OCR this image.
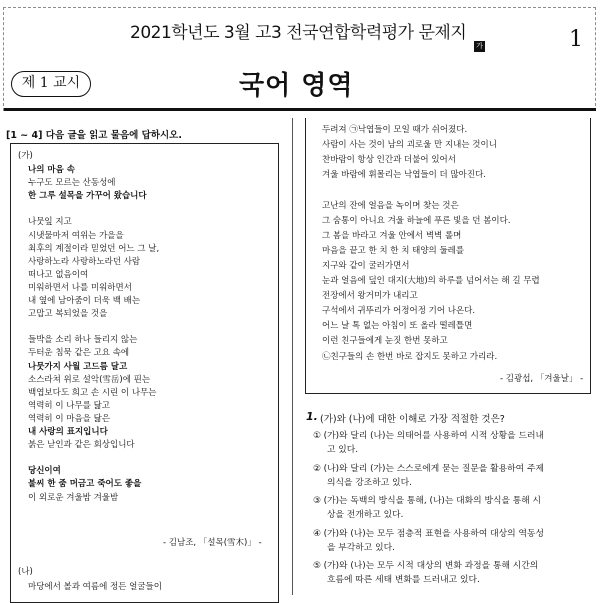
2021학년도 3월 고3 전국연합학력평가 문제지
가	1
제 1 교시	국어 영역
[1 ~ 4] 다음 글을 읽고 물음에 답하시오.
(가)
나의 마음 속
누구도 모르는 산동성에
한 그루 설목을 가꾸어 왔습니다
나뭇잎 지고
시냇물마저 여위는 가을을
최후의 계절이라 믿었던 어느 그 날,
사랑하노라 사랑하노라던 사람
떠나고 없음이여
미워하면서 나를 미워하면서
내 옆에 남아줌이 더욱 백 배는
고맙고 복되었을 것을
들박을 소리 하나 들리지 않는
두터운 침묵 같은 고요 속에
나뭇가지 사월 고드름 달고
소스라쳐 위로 설악(雪岳)에 핀는
백엽보다도 희고 손 시린 이 나무는
역력히 이 나무를 닮고
역력히 이 마음을 닮은
내 사랑의 표지입니다
붉은 낟인과 같은 회상입니다
당신이여
불씨 한 줌 머금고 죽어도 좋을
이 외로운 겨울밤 겨울밤
- 김남조, 「설목(雪木)」 -
(나)
마당에서 볼과 여름에 정든 얼굴들이
두려져 ㉠낙엽들이 모일 때가 쉬어졌다.
사람이 사는 것이 남의 괴로울 만 지내는 것이니
찬바람이 항상 인간과 더불어 있어서
겨울 바람에 휘몰리는 낙엽들이 더 많아진다.
고난의 잔에 얼음을 녹이며 찾는 것은
그 숨통이 아니요 겨울 하늘에 푸른 빛을 던 봄이다.
그 봄을 바라고 겨울 안에서 벽벽 롤며
마음을 끝고 한 치 한 치 태양의 둘레를
지구와 같이 굴러가면서
눈과 얼음에 덮인 대지(大地)의 하루를 넘어서는 해 길 무렵
전장에서 왕거미가 내리고
구석에서 귀뚜리가 어정어정 기어 나온다.
어느 날 톡 없는 아침이 또 올라 떨레틀면
이런 친구들에게 눈짓 한번 못하고
㉡친구들의 손 한번 바로 잡지도 못하고 가리라.
- 김광섭, 「겨울날」 -
1. (가)와 (나)에 대한 이해로 가장 적절한 것은?
① (가)와 달리 (나)는 의태어를 사용하여 시적 상황을 드러내
고 있다.
② (나)와 달리 (가)는 스스로에게 묻는 질문을 활용하여 주제
의식을 강조하고 있다.
③ (가)는 독백의 방식을 통해, (나)는 대화의 방식을 통해 시
상을 전개하고 있다.
④ (가)와 (나)는 모두 점층적 표현을 사용하여 대상의 역동성
을 부각하고 있다.
⑤ (가)와 (나)는 모두 시적 대상의 변화 과정을 통해 시간의
흐름에 따른 세태 변화를 드러내고 있다.
